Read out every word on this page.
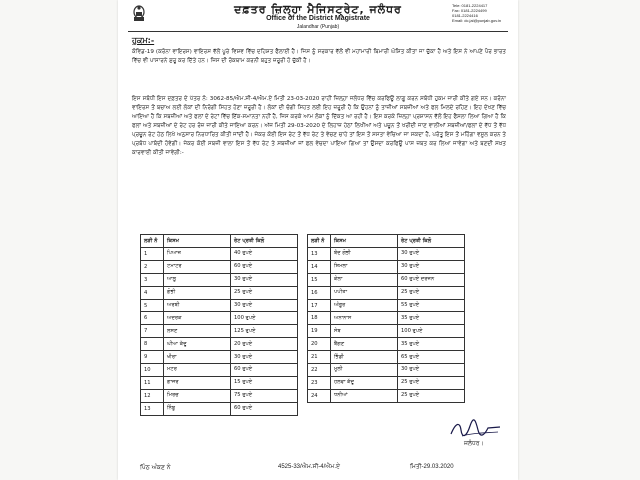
ਦਫ਼ਤਰ ਜ਼ਿਲ੍ਹਾ ਮੈਜਿਸਟ੍ਰੇਟ, ਜਲੰਧਰ
Office of the District Magistrate
Jalandhar (Punjab)
Tele: 0181-2224417
Fax: 0181-2224499
0181-2224416
Email: dc.jal@punjab.gov.in
ਹੁਕਮ:-
ਕੋਵਿਡ-19 (ਕਰੋਨਾ ਵਾਇਰਸ) ਵਾਇਰਸ ਵੱਲੋਂ ਪੂਰੇ ਵਿਸ਼ਵ ਵਿੱਚ ਦਹਿਸ਼ਤ ਫੈਲਾਈ ਹੈ। ਜਿਸ ਨੂੰ ਸਰਕਾਰ ਵੱਲੋਂ ਵੀ ਮਹਾਂਮਾਰੀ ਬਿਮਾਰੀ ਘੋਸ਼ਿਤ ਕੀਤਾ ਜਾ ਚੁੱਕਾ ਹੈ ਅਤੇ ਇਸ ਨੇ ਆਪਣੇ ਪੈਰ ਭਾਰਤ ਵਿੱਚ ਵੀ ਪਾਸਾਰਨੇ ਸ਼ੁਰੂ ਕਰ ਦਿੱਤੇ ਹਨ। ਜਿਸ ਦੀ ਰੋਕਥਾਮ ਕਰਨੀ ਬਹੁਤ ਜ਼ਰੂਰੀ ਹੋ ਚੁੱਕੀ ਹੈ।
ਇਸ ਸਬੰਧੀ ਇਸ ਦਫ਼ਤਰ ਦੇ ਪੱਤਰ ਨੰ: 3062-85/ਐਮ.ਸੀ-4/ਐਮ.ਏ ਮਿਤੀ 23-03-2020 ਰਾਹੀਂ ਜ਼ਿਲ੍ਹਾ ਜਲੰਧਰ ਵਿੱਚ ਕਰਫਿਊ ਲਾਗੂ ਕਰਨ ਸਬੰਧੀ ਹੁਕਮ ਜਾਰੀ ਕੀਤੇ ਗਏ ਸਨ। ਕਰੋਨਾ ਵਾਇਰਸ ਤੋਂ ਬਚਾਅ ਲਈ ਲੋਕਾਂ ਦੀ ਨਿਰੋਗੀ ਸਿਹਤ ਹੋਣਾ ਜ਼ਰੂਰੀ ਹੈ। ਲੋਕਾਂ ਦੀ ਚੰਗੀ ਸਿਹਤ ਲਈ ਇਹ ਜ਼ਰੂਰੀ ਹੈ ਕਿ ਉਹਨਾਂ ਨੂੰ ਤਾਜ਼ੀਆਂ ਸਬਜ਼ੀਆਂ ਅਤੇ ਫਲ ਮਿਲਦੇ ਰਹਿਣ। ਇਹ ਦੇਖਣ ਵਿੱਚ ਆਇਆ ਹੈ ਕਿ ਸਬਜ਼ੀਆਂ ਅਤੇ ਫਲਾਂ ਦੇ ਰੇਟਾਂ ਵਿੱਚ ਇੱਕ-ਸਮਾਨਤਾ ਨਹੀਂ ਹੈ, ਜਿਸ ਕਰਕੇ ਆਮ ਲੋਕਾਂ ਨੂੰ ਦਿੱਕਤ ਆ ਰਹੀ ਹੈ। ਇਸ ਕਰਕੇ ਜ਼ਿਲ੍ਹਾ ਪ੍ਰਸ਼ਾਸਨ ਵੱਲੋਂ ਇਹ ਫੈਸਲਾ ਲਿਆ ਗਿਆ ਹੈ ਕਿ ਫਲਾਂ ਅਤੇ ਸਬਜ਼ੀਆਂ ਦੇ ਰੇਟ ਹਰ ਰੋਜ਼ ਜਾਰੀ ਕੀਤੇ ਜਾਇਆ ਕਰਨ। ਅੱਜ ਮਿਤੀ 29-03-2020 ਦੇ ਲਿਹਾਜ਼ ਹੇਠਾਂ ਲਿਖੀਆਂ ਅਤੇ ਪਚੂਨ ਤੋਂ ਖਰੀਦੀ ਜਾਣ ਵਾਲੀਆਂ ਸਬਜ਼ੀਆਂ/ਫਲਾਂ ਦੇ ਵੱਧ ਤੋਂ ਵੱਧ ਪ੍ਰਚੂਨ ਰੇਟ ਹੇਠ ਲਿਖੇ ਅਨੁਸਾਰ ਨਿਰਧਾਰਿਤ ਕੀਤੀ ਜਾਂਦੀ ਹੈ। ਜੇਕਰ ਕੋਈ ਇਸ ਰੇਟ ਤੋਂ ਵੱਧ ਰੇਟ ਤੇ ਵੇਚਣ ਚਾਹੇ ਤਾਂ ਇਸ ਤੋਂ ਸਸਤਾ ਵੇਚਿਆ ਜਾ ਸਕਦਾ ਹੈ, ਪਰੰਤੂ ਇਸ ਤੋਂ ਮਹਿੰਗਾ ਵਸੂਲ ਕਰਨ ਤੇ ਪ੍ਰਬੰਧ ਪਾਬੰਦੀ ਹੋਵੇਗੀ। ਜੇਕਰ ਕੋਈ ਸਬਜ਼ੀ ਵਾਲਾ ਇਸ ਤੋਂ ਵੱਧ ਰੇਟ ਤੇ ਸਬਜ਼ੀਆਂ ਜਾਂ ਫਲ ਵੇਚਦਾ ਪਾਇਆ ਗਿਆ ਤਾਂ ਉਸਦਾ ਕਰਫਿਊ ਪਾਸ ਜ਼ਬਤ ਕਰ ਲਿਆ ਜਾਵੇਗਾ ਅਤੇ ਬਣਦੀ ਸਖ਼ਤ ਕਾਰਵਾਈ ਕੀਤੀ ਜਾਵੇਗੀ:-
ਲੜੀ ਨੰ	ਕਿਸਮ	ਰੇਟ ਪ੍ਰਤੀ ਕਿਲੋ
1	ਪਿਆਜ਼	40 ਰੁਪਏ
2	ਟਮਾਟਰ	60 ਰੁਪਏ
3	ਆਲੂ	30 ਰੁਪਏ
4	ਗੋਭੀ	25 ਰੁਪਏ
5	ਅਰਬੀ	30 ਰੁਪਏ
6	ਅਦਰਕ	100 ਰੁਪਏ
7	ਲਸਣ	125 ਰੁਪਏ
8	ਘੀਆ ਕੱਦੂ	20 ਰੁਪਏ
9	ਖੀਰਾ	30 ਰੁਪਏ
10	ਮਟਰ	60 ਰੁਪਏ
11	ਗਾਜਰ	15 ਰੁਪਏ
12	ਮਿਰਚ	75 ਰੁਪਏ
13	ਨਿੰਬੂ	60 ਰੁਪਏ
ਲੜੀ ਨੰ	ਕਿਸਮ	ਰੇਟ ਪ੍ਰਤੀ ਕਿਲੋ
13	ਬੰਦ ਗੋਭੀ	30 ਰੁਪਏ
14	ਸ਼ਿਮਲਾ	30 ਰੁਪਏ
15	ਕੇਲਾ	60 ਰੁਪਏ ਦਰਜਨ
16	ਪਪੀਤਾ	25 ਰੁਪਏ
17	ਅੰਗੂਰ	55 ਰੁਪਏ
18	ਅਨਾਨਾਸ	35 ਰੁਪਏ
19	ਸੇਬ	100 ਰੁਪਏ
20	ਬੈਂਗਣ	35 ਰੁਪਏ
21	ਭਿੰਡੀ	65 ਰੁਪਏ
22	ਮੂਲੀ	30 ਰੁਪਏ
23	ਹਲਵਾ ਕੱਦੂ	25 ਰੁਪਏ
24	ਧਨੀਆਂ	25 ਰੁਪਏ
ਜਲੰਧਰ।
ਪਿੰਠ ਅੰਕਣ ਨੰ	4525-33/ਐਮ.ਸੀ-4/ਐਮ.ਏ	ਮਿਤੀ-29.03.2020
